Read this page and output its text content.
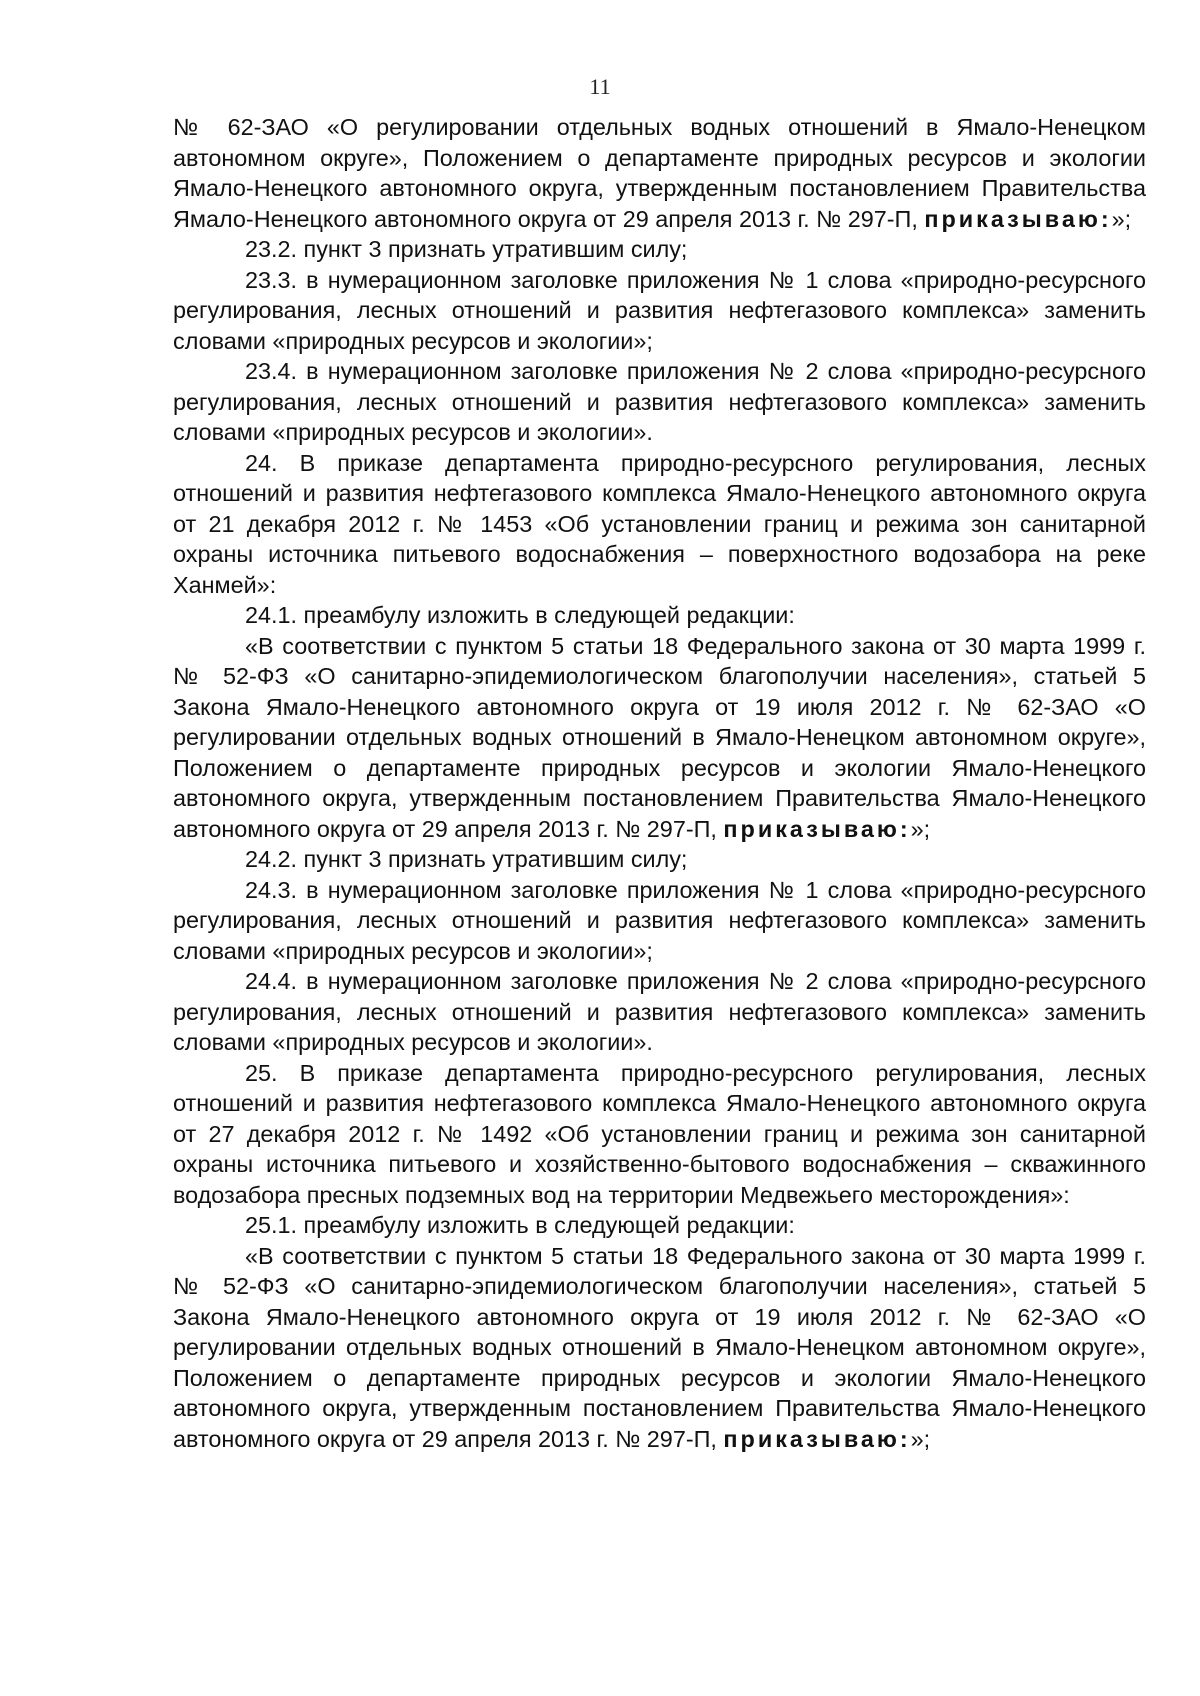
11

№ 62-ЗАО «О регулировании отдельных водных отношений в Ямало-Ненецком автономном округе», Положением о департаменте природных ресурсов и экологии Ямало-Ненецкого автономного округа, утвержденным постановлением Правительства Ямало-Ненецкого автономного округа от 29 апреля 2013 г. № 297-П, приказываю:»;

23.2. пункт 3 признать утратившим силу;

23.3. в нумерационном заголовке приложения № 1 слова «природно-ресурсного регулирования, лесных отношений и развития нефтегазового комплекса» заменить словами «природных ресурсов и экологии»;

23.4. в нумерационном заголовке приложения № 2 слова «природно-ресурсного регулирования, лесных отношений и развития нефтегазового комплекса» заменить словами «природных ресурсов и экологии».

24. В приказе департамента природно-ресурсного регулирования, лесных отношений и развития нефтегазового комплекса Ямало-Ненецкого автономного округа от 21 декабря 2012 г. № 1453 «Об установлении границ и режима зон санитарной охраны источника питьевого водоснабжения – поверхностного водозабора на реке Ханмей»:

24.1. преамбулу изложить в следующей редакции:

«В соответствии с пунктом 5 статьи 18 Федерального закона от 30 марта 1999 г. № 52-ФЗ «О санитарно-эпидемиологическом благополучии населения», статьей 5 Закона Ямало-Ненецкого автономного округа от 19 июля 2012 г. № 62-ЗАО «О регулировании отдельных водных отношений в Ямало-Ненецком автономном округе», Положением о департаменте природных ресурсов и экологии Ямало-Ненецкого автономного округа, утвержденным постановлением Правительства Ямало-Ненецкого автономного округа от 29 апреля 2013 г. № 297-П, приказываю:»;

24.2. пункт 3 признать утратившим силу;

24.3. в нумерационном заголовке приложения № 1 слова «природно-ресурсного регулирования, лесных отношений и развития нефтегазового комплекса» заменить словами «природных ресурсов и экологии»;

24.4. в нумерационном заголовке приложения № 2 слова «природно-ресурсного регулирования, лесных отношений и развития нефтегазового комплекса» заменить словами «природных ресурсов и экологии».

25. В приказе департамента природно-ресурсного регулирования, лесных отношений и развития нефтегазового комплекса Ямало-Ненецкого автономного округа от 27 декабря 2012 г. № 1492 «Об установлении границ и режима зон санитарной охраны источника питьевого и хозяйственно-бытового водоснабжения – скважинного водозабора пресных подземных вод на территории Медвежьего месторождения»:

25.1. преамбулу изложить в следующей редакции:

«В соответствии с пунктом 5 статьи 18 Федерального закона от 30 марта 1999 г. № 52-ФЗ «О санитарно-эпидемиологическом благополучии населения», статьей 5 Закона Ямало-Ненецкого автономного округа от 19 июля 2012 г. № 62-ЗАО «О регулировании отдельных водных отношений в Ямало-Ненецком автономном округе», Положением о департаменте природных ресурсов и экологии Ямало-Ненецкого автономного округа, утвержденным постановлением Правительства Ямало-Ненецкого автономного округа от 29 апреля 2013 г. № 297-П, приказываю:»;
